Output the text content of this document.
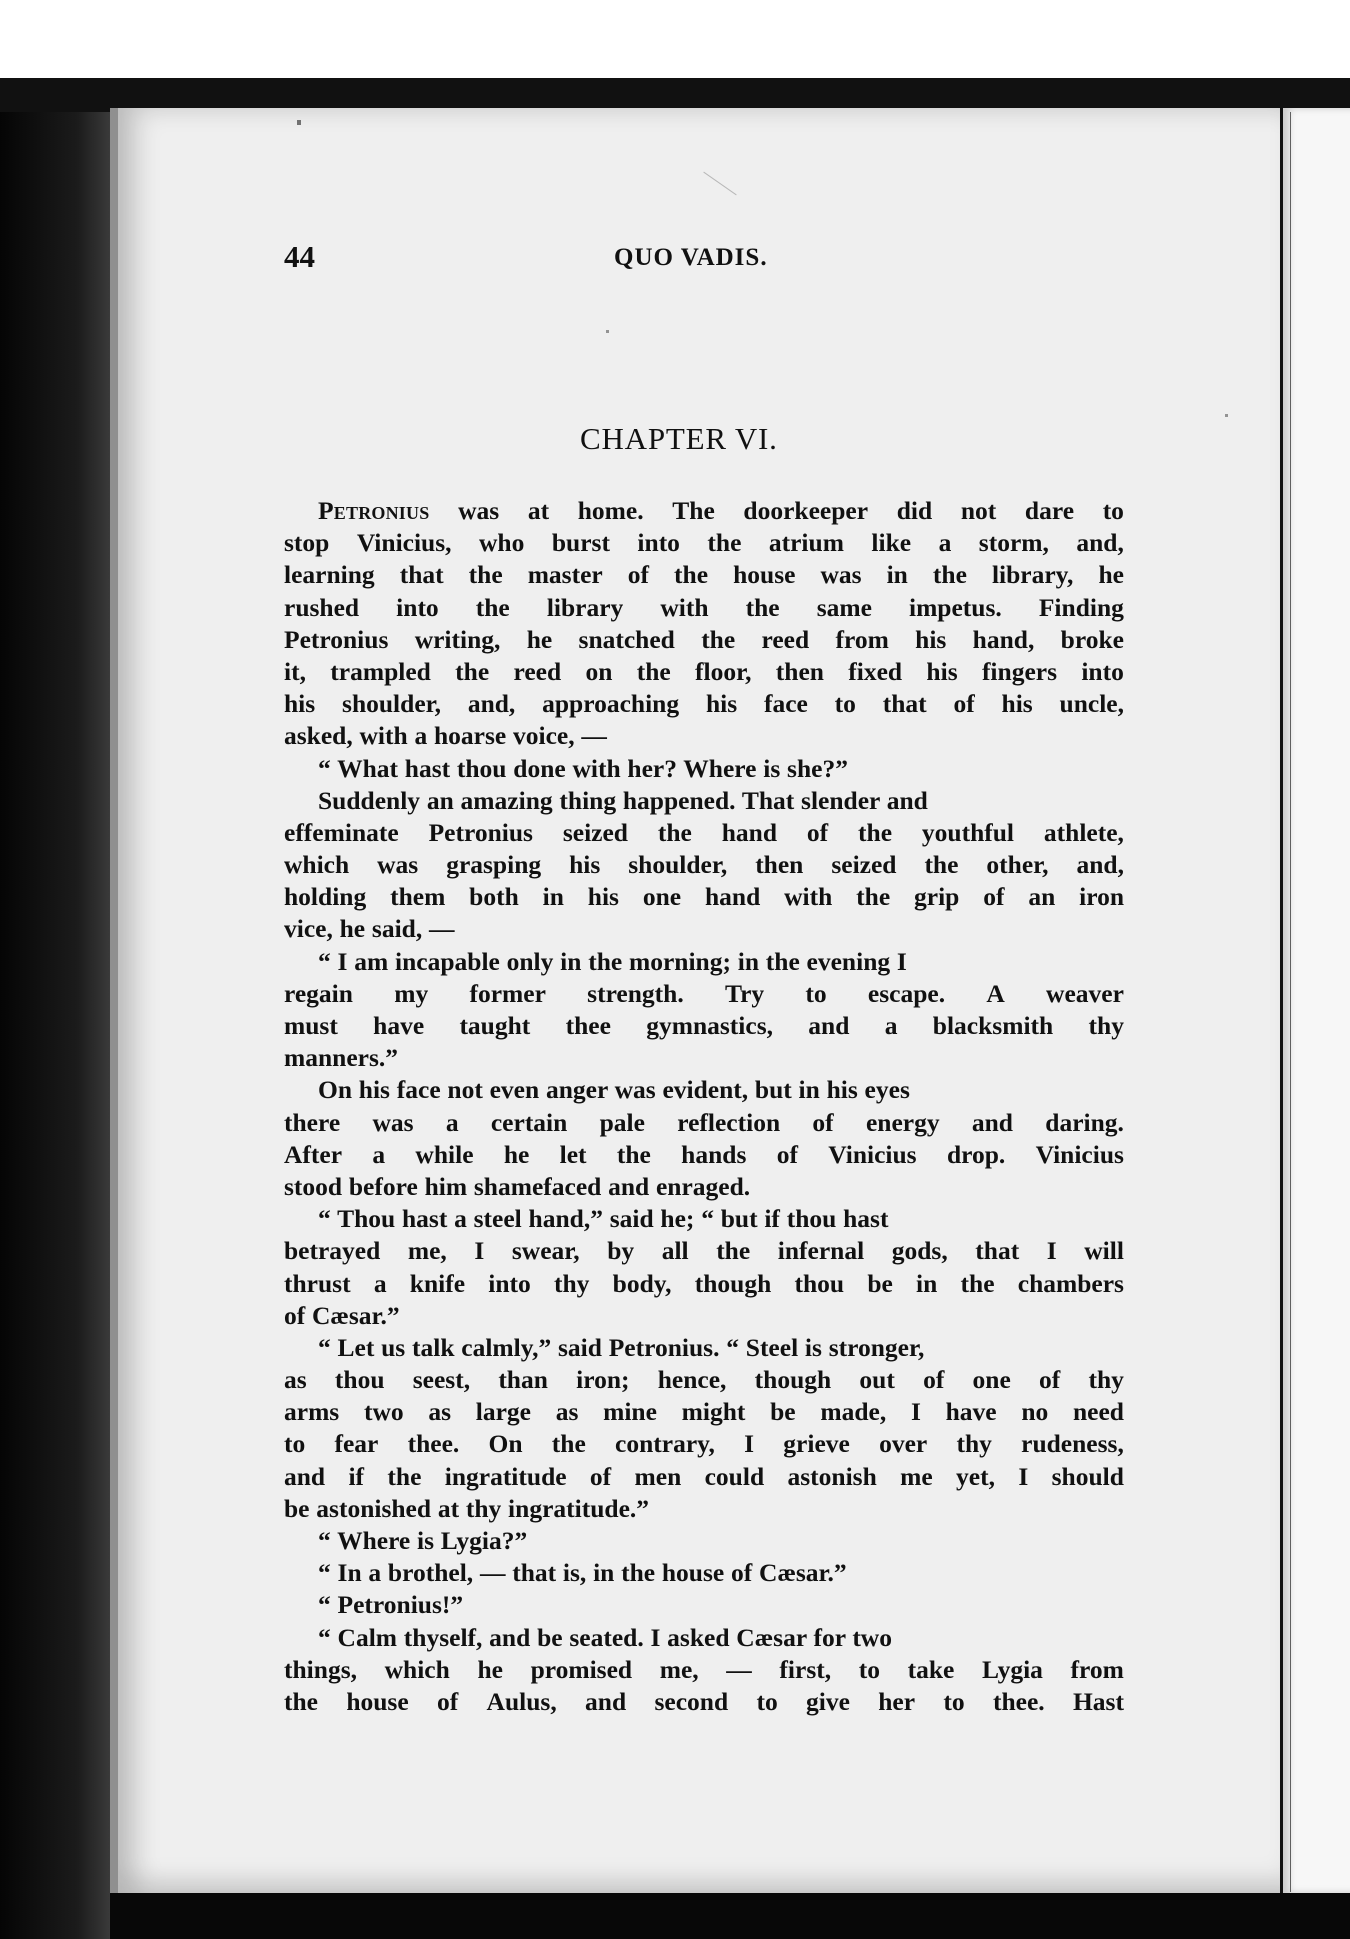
44	QUO VADIS.
CHAPTER VI.
Petronius was at home. The doorkeeper did not dare to
stop Vinicius, who burst into the atrium like a storm, and,
learning that the master of the house was in the library, he
rushed into the library with the same impetus. Finding
Petronius writing, he snatched the reed from his hand, broke
it, trampled the reed on the floor, then fixed his fingers into
his shoulder, and, approaching his face to that of his uncle,
asked, with a hoarse voice, —
“ What hast thou done with her? Where is she?”
Suddenly an amazing thing happened. That slender and
effeminate Petronius seized the hand of the youthful athlete,
which was grasping his shoulder, then seized the other, and,
holding them both in his one hand with the grip of an iron
vice, he said, —
“ I am incapable only in the morning; in the evening I
regain my former strength. Try to escape. A weaver
must have taught thee gymnastics, and a blacksmith thy
manners.”
On his face not even anger was evident, but in his eyes
there was a certain pale reflection of energy and daring.
After a while he let the hands of Vinicius drop. Vinicius
stood before him shamefaced and enraged.
“ Thou hast a steel hand,” said he; “ but if thou hast
betrayed me, I swear, by all the infernal gods, that I will
thrust a knife into thy body, though thou be in the chambers
of Cæsar.”
“ Let us talk calmly,” said Petronius. “ Steel is stronger,
as thou seest, than iron; hence, though out of one of thy
arms two as large as mine might be made, I have no need
to fear thee. On the contrary, I grieve over thy rudeness,
and if the ingratitude of men could astonish me yet, I should
be astonished at thy ingratitude.”
“ Where is Lygia?”
“ In a brothel, — that is, in the house of Cæsar.”
“ Petronius!”
“ Calm thyself, and be seated. I asked Cæsar for two
things, which he promised me, — first, to take Lygia from
the house of Aulus, and second to give her to thee. Hast
